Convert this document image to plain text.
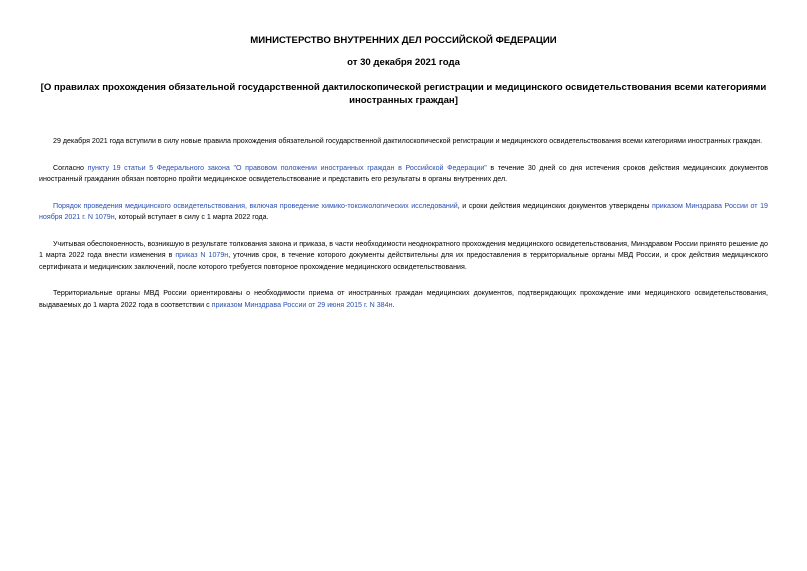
МИНИСТЕРСТВО ВНУТРЕННИХ ДЕЛ РОССИЙСКОЙ ФЕДЕРАЦИИ

от 30 декабря 2021 года

[О правилах прохождения обязательной государственной дактилоскопической регистрации и медицинского освидетельствования всеми категориями иностранных граждан]

29 декабря 2021 года вступили в силу новые правила прохождения обязательной государственной дактилоскопической регистрации и медицинского освидетельствования всеми категориями иностранных граждан.

Согласно пункту 19 статьи 5 Федерального закона "О правовом положении иностранных граждан в Российской Федерации" в течение 30 дней со дня истечения сроков действия медицинских документов иностранный гражданин обязан повторно пройти медицинское освидетельствование и представить его результаты в органы внутренних дел.

Порядок проведения медицинского освидетельствования, включая проведение химико-токсикологических исследований, и сроки действия медицинских документов утверждены приказом Минздрава России от 19 ноября 2021 г. N 1079н, который вступает в силу с 1 марта 2022 года.

Учитывая обеспокоенность, возникшую в результате толкования закона и приказа, в части необходимости неоднократного прохождения медицинского освидетельствования, Минздравом России принято решение до 1 марта 2022 года внести изменения в приказ N 1079н, уточнив срок, в течение которого документы действительны для их предоставления в территориальные органы МВД России, и срок действия медицинского сертификата и медицинских заключений, после которого требуется повторное прохождение медицинского освидетельствования.

Территориальные органы МВД России ориентированы о необходимости приема от иностранных граждан медицинских документов, подтверждающих прохождение ими медицинского освидетельствования, выдаваемых до 1 марта 2022 года в соответствии с приказом Минздрава России от 29 июня 2015 г. N 384н.
